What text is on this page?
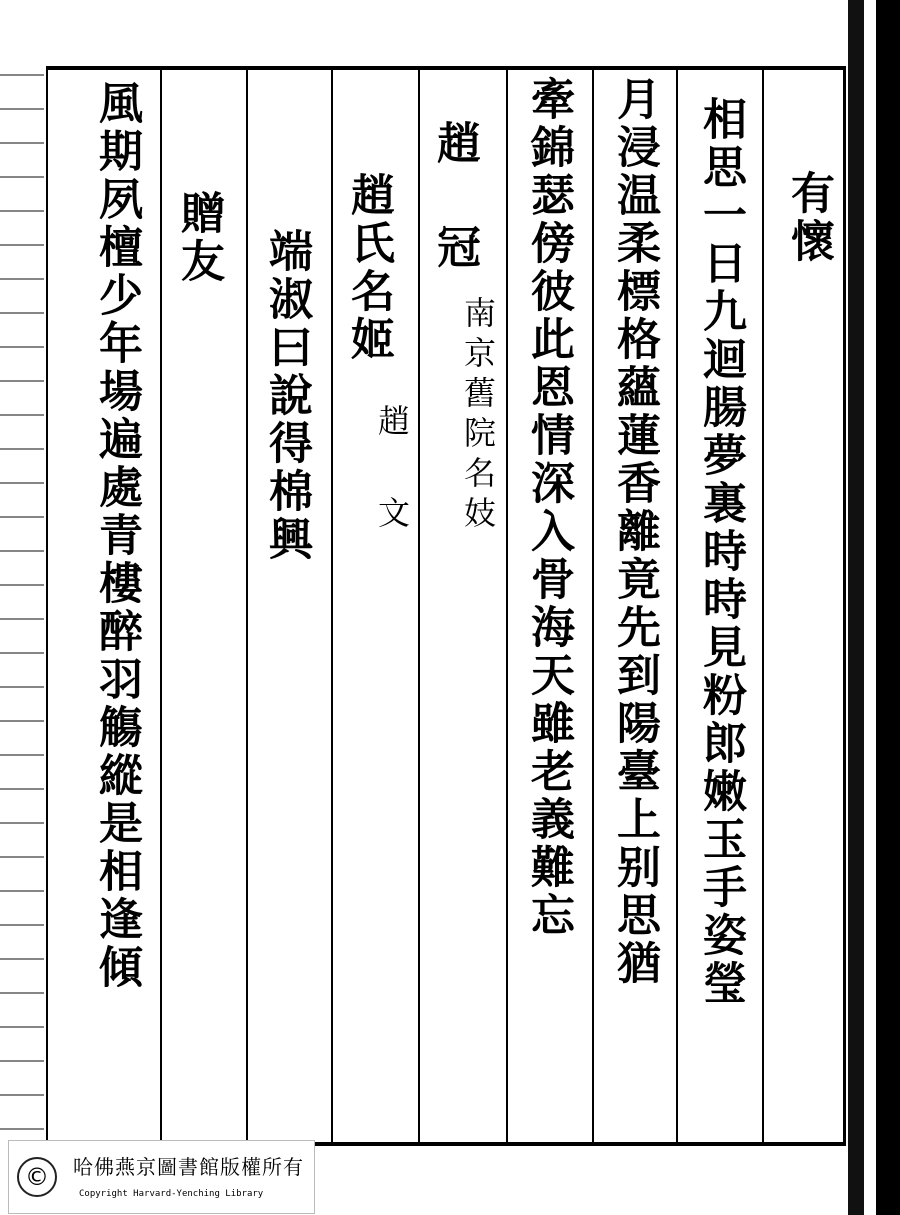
有懷
相思一日九迴腸夢裏時時見粉郎嫩玉手姿瑩
月浸温柔標格蘊蓮香離竟先到陽臺上别思猶
牽錦瑟傍彼此恩情深入骨海天雖老義難忘
趙冠
南京舊院名妓
趙氏名姬
趙文
端淑曰說得棉興
贈友
風期夙檀少年場遍處青樓醉羽觴縱是相逢傾
©	哈佛燕京圖書館版權所有
Copyright Harvard-Yenching Library
